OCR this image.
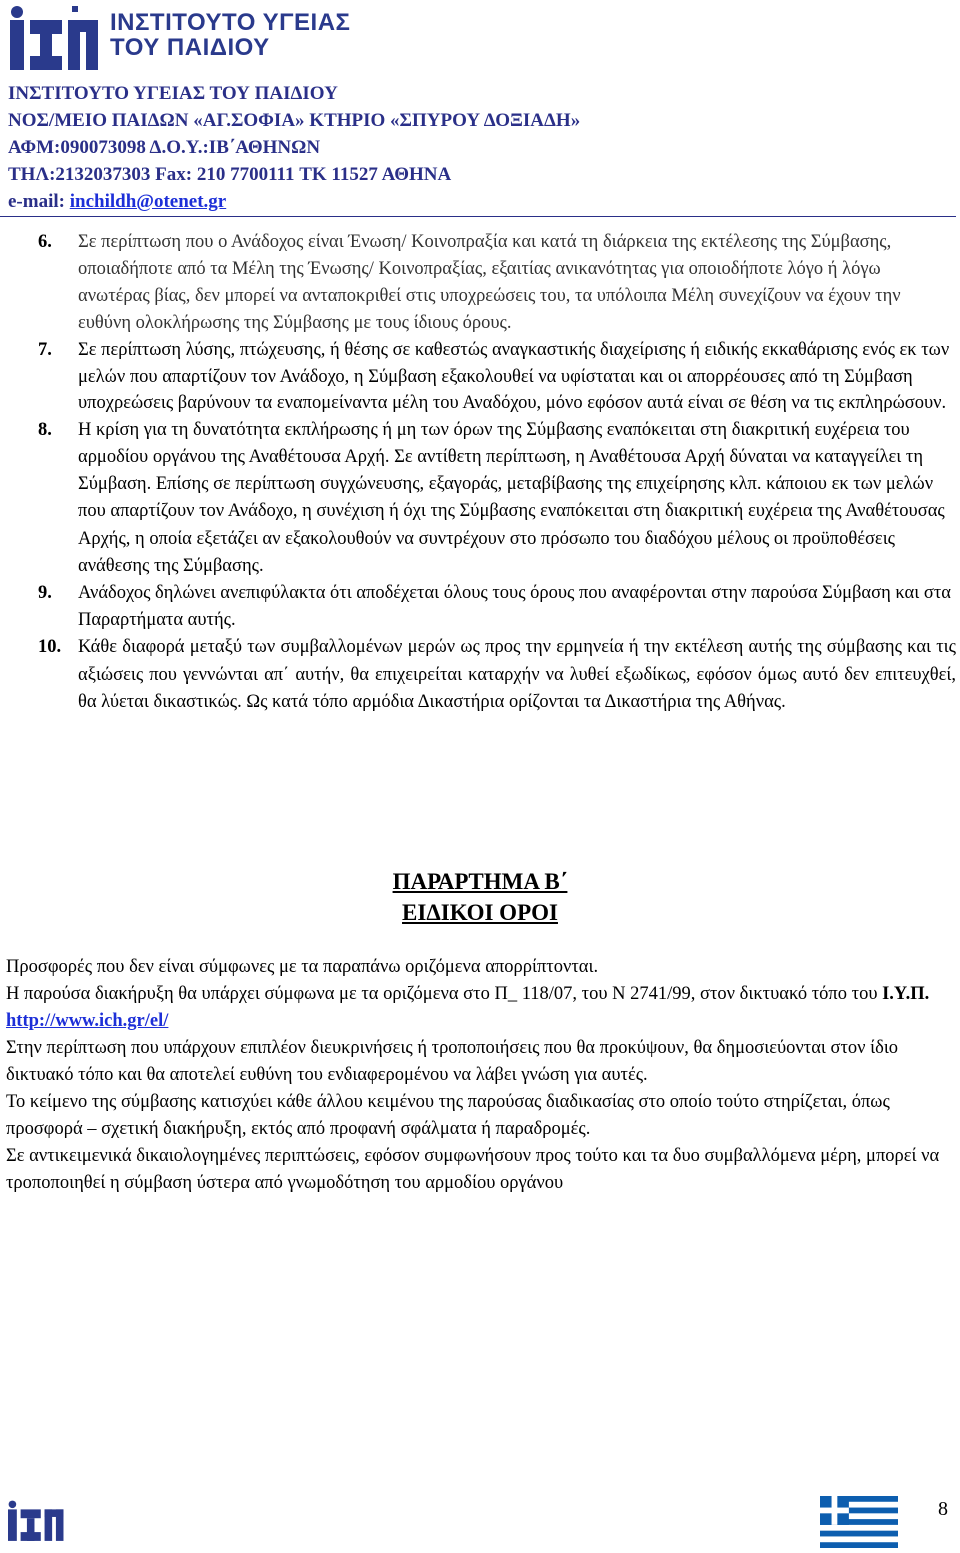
ΙΝΣΤΙΤΟΥΤΟ ΥΓΕΙΑΣ
ΤΟΥ ΠΑΙΔΙΟΥ
ΙΝΣΤΙΤΟΥΤΟ ΥΓΕΙΑΣ ΤΟΥ ΠΑΙΔΙΟΥ
ΝΟΣ/ΜΕΙΟ ΠΑΙΔΩΝ «ΑΓ.ΣΟΦΙΑ» ΚΤΗΡΙΟ «ΣΠΥΡΟΥ ΔΟΞΙΑΔΗ»
ΑΦΜ:090073098 Δ.Ο.Υ.:ΙΒ΄ΑΘΗΝΩΝ
ΤΗΛ:2132037303 Fax: 210 7700111 ΤΚ 11527 ΑΘΗΝΑ
e-mail: inchildh@otenet.gr
6.	Σε περίπτωση που ο Ανάδοχος είναι Ένωση/ Κοινοπραξία και κατά τη διάρκεια της εκτέλεσης της Σύμβασης, οποιαδήποτε από τα Μέλη της Ένωσης/ Κοινοπραξίας, εξαιτίας ανικανότητας για οποιοδήποτε λόγο ή λόγω ανωτέρας βίας, δεν μπορεί να ανταποκριθεί στις υποχρεώσεις του, τα υπόλοιπα Μέλη συνεχίζουν να έχουν την ευθύνη ολοκλήρωσης της Σύμβασης με τους ίδιους όρους.
7.	Σε περίπτωση λύσης, πτώχευσης, ή θέσης σε καθεστώς αναγκαστικής διαχείρισης ή ειδικής εκκαθάρισης ενός εκ των μελών που απαρτίζουν τον Ανάδοχο, η Σύμβαση εξακολουθεί να υφίσταται και οι απορρέουσες από τη Σύμβαση υποχρεώσεις βαρύνουν τα εναπομείναντα μέλη του Αναδόχου, μόνο εφόσον αυτά είναι σε θέση να τις εκπληρώσουν.
8.	Η κρίση για τη δυνατότητα εκπλήρωσης ή μη των όρων της Σύμβασης εναπόκειται στη διακριτική ευχέρεια του αρμοδίου οργάνου της Αναθέτουσα Αρχή. Σε αντίθετη περίπτωση, η Αναθέτουσα Αρχή δύναται να καταγγείλει τη Σύμβαση. Επίσης σε περίπτωση συγχώνευσης, εξαγοράς, μεταβίβασης της επιχείρησης κλπ. κάποιου εκ των μελών που απαρτίζουν τον Ανάδοχο, η συνέχιση ή όχι της Σύμβασης εναπόκειται στη διακριτική ευχέρεια της Αναθέτουσας Αρχής, η οποία εξετάζει αν εξακολουθούν να συντρέχουν στο πρόσωπο του διαδόχου μέλους οι προϋποθέσεις ανάθεσης της Σύμβασης.
9.	Ανάδοχος δηλώνει ανεπιφύλακτα ότι αποδέχεται όλους τους όρους που αναφέρονται στην παρούσα Σύμβαση και στα Παραρτήματα αυτής.
10. Κάθε διαφορά μεταξύ των συμβαλλομένων μερών ως προς την ερμηνεία ή την εκτέλεση αυτής της σύμβασης και τις αξιώσεις που γεννώνται απ΄ αυτήν, θα επιχειρείται καταρχήν να λυθεί εξωδίκως, εφόσον όμως αυτό δεν επιτευχθεί, θα λύεται δικαστικώς. Ως κατά τόπο αρμόδια Δικαστήρια ορίζονται τα Δικαστήρια της Αθήνας.
ΠΑΡΑΡΤΗΜΑ Β΄
ΕΙΔΙΚΟΙ ΟΡΟΙ

Προσφορές που δεν είναι σύμφωνες με τα παραπάνω οριζόμενα απορρίπτονται.

Η παρούσα διακήρυξη θα υπάρχει σύμφωνα με τα οριζόμενα στο Π_ 118/07, του Ν 2741/99, στον δικτυακό τόπο του Ι.Υ.Π. http://www.ich.gr/el/

Στην περίπτωση που υπάρχουν επιπλέον διευκρινήσεις ή τροποποιήσεις που θα προκύψουν, θα δημοσιεύονται στον ίδιο δικτυακό τόπο και θα αποτελεί ευθύνη του ενδιαφερομένου να λάβει γνώση για αυτές.

Το κείμενο της σύμβασης κατισχύει κάθε άλλου κειμένου της παρούσας διαδικασίας στο οποίο τούτο στηρίζεται, όπως προσφορά – σχετική διακήρυξη, εκτός από προφανή σφάλματα ή παραδρομές.

Σε αντικειμενικά δικαιολογημένες περιπτώσεις, εφόσον συμφωνήσουν προς τούτο και τα δυο συμβαλλόμενα μέρη, μπορεί να τροποποιηθεί η σύμβαση ύστερα από γνωμοδότηση του αρμοδίου οργάνου

8
